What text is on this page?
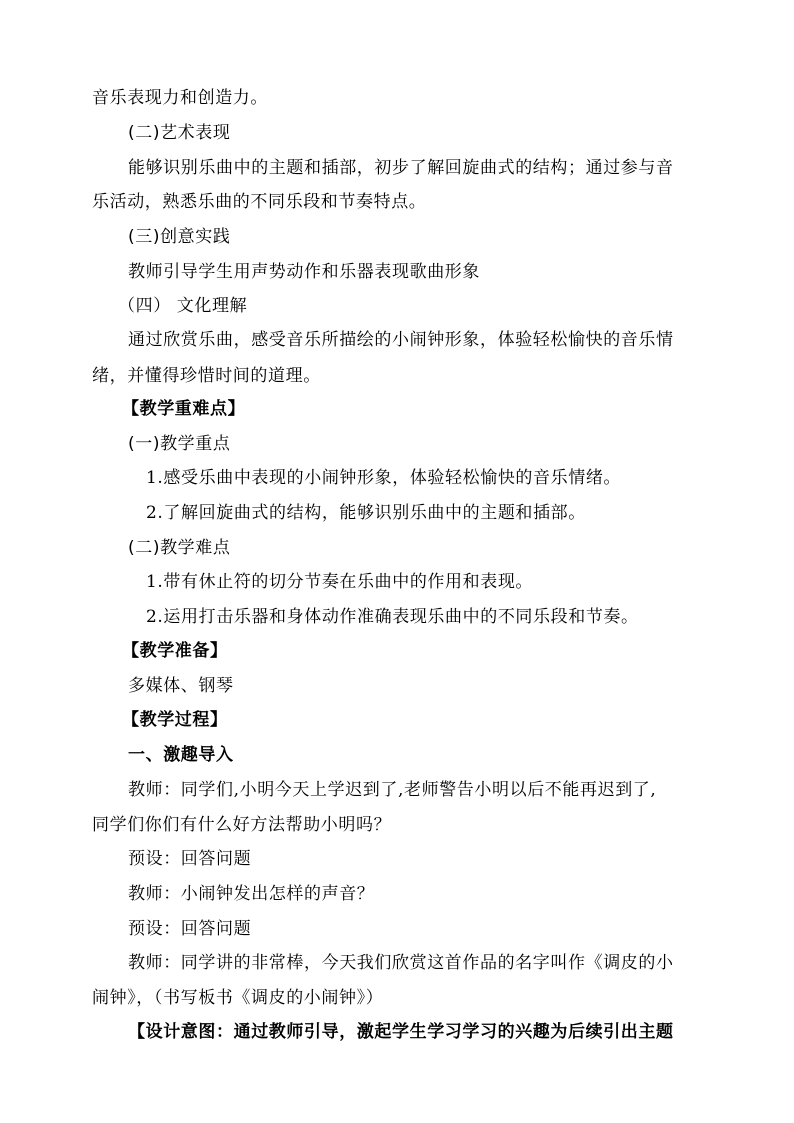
音乐表现力和创造力。
(二)艺术表现
能够识别乐曲中的主题和插部，初步了解回旋曲式的结构；通过参与音
乐活动，熟悉乐曲的不同乐段和节奏特点。
(三)创意实践
教师引导学生用声势动作和乐器表现歌曲形象
（四） 文化理解
通过欣赏乐曲，感受音乐所描绘的小闹钟形象，体验轻松愉快的音乐情
绪，并懂得珍惜时间的道理。
【教学重难点】
(一)教学重点
1.感受乐曲中表现的小闹钟形象，体验轻松愉快的音乐情绪。
2.了解回旋曲式的结构，能够识别乐曲中的主题和插部。
(二)教学难点
1.带有休止符的切分节奏在乐曲中的作用和表现。
2.运用打击乐器和身体动作准确表现乐曲中的不同乐段和节奏。
【教学准备】
多媒体、钢琴
【教学过程】
一、激趣导入
教师：同学们,小明今天上学迟到了,老师警告小明以后不能再迟到了,
同学们你们有什么好方法帮助小明吗？
预设：回答问题
教师：小闹钟发出怎样的声音？
预设：回答问题
教师：同学讲的非常棒，今天我们欣赏这首作品的名字叫作《调皮的小
闹钟》，（书写板书《调皮的小闹钟》）
【设计意图：通过教师引导，激起学生学习学习的兴趣为后续引出主题
